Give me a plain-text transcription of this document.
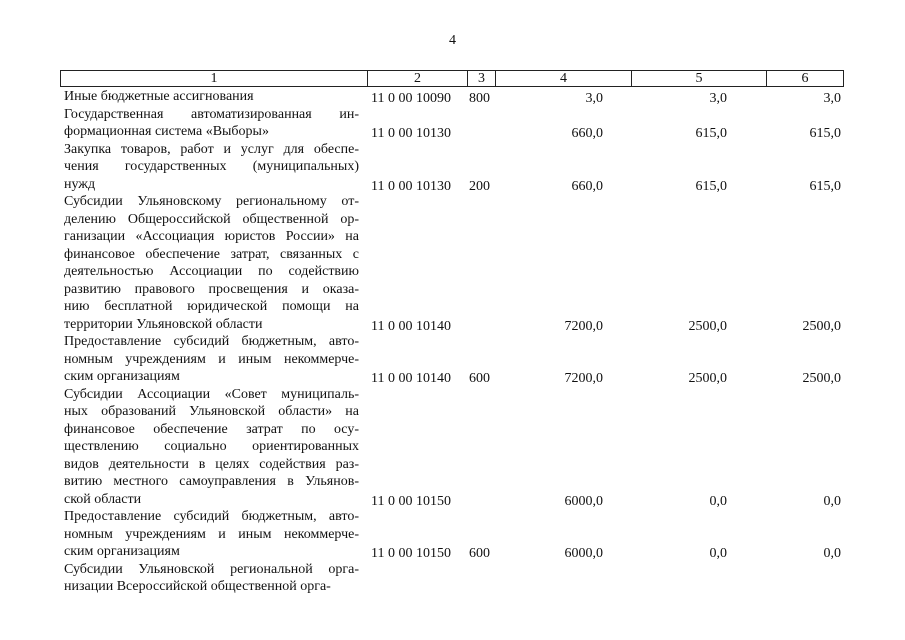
4
1	2	3	4	5	6
Иные бюджетные ассигнования	11 0 00 10090 800	3,0	3,0	3,0
Государственная автоматизированная ин-
формационная система «Выборы»	11 0 00 10130	660,0	615,0	615,0
Закупка товаров, работ и услуг для обеспе-
чения государственных (муниципальных)
нужд	11 0 00 10130 200	660,0	615,0	615,0
Субсидии Ульяновскому региональному от-
делению Общероссийской общественной ор-
ганизации «Ассоциация юристов России» на
финансовое обеспечение затрат, связанных с
деятельностью Ассоциации по содействию
развитию правового просвещения и оказа-
нию бесплатной юридической помощи на
территории Ульяновской области	11 0 00 10140	7200,0	2500,0	2500,0
Предоставление субсидий бюджетным, авто-
номным учреждениям и иным некоммерче-
ским организациям	11 0 00 10140 600	7200,0	2500,0	2500,0
Субсидии Ассоциации «Совет муниципаль-
ных образований Ульяновской области» на
финансовое обеспечение затрат по осу-
ществлению социально ориентированных
видов деятельности в целях содействия раз-
витию местного самоуправления в Ульянов-
ской области	11 0 00 10150	6000,0	0,0	0,0
Предоставление субсидий бюджетным, авто-
номным учреждениям и иным некоммерче-
ским организациям	11 0 00 10150 600	6000,0	0,0	0,0
Субсидии Ульяновской региональной орга-
низации Всероссийской общественной орга-
